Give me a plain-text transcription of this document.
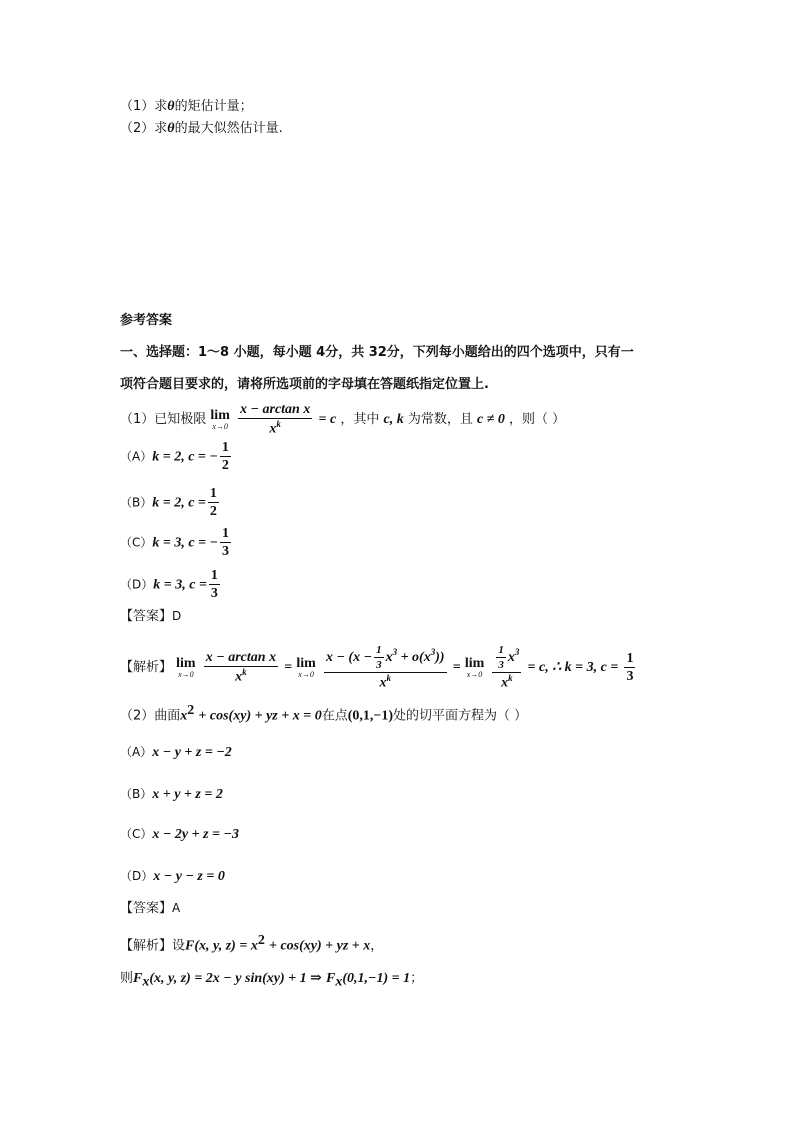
（1）求θ的矩估计量；
（2）求θ的最大似然估计量.
参考答案
一、选择题：1～8 小题，每小题 4分，共 32分，下列每小题给出的四个选项中，只有一
项符合题目要求的，请将所选项前的字母填在答题纸指定位置上.
（1）已知极限 lim
x→0
$\frac{\text{x − arctan x}}{x^k} = c$ ，其中 c, k 为常数，且 c ≠ 0 ，则（ ）
（A）k = 2, c = − $\frac{1}{2}$
（B）k = 2, $c = \frac{1}{2}$
（C）k = 3, c = − $\frac{1}{3}$
（D）k = 3, $c = \frac{1}{3}$
【答案】D
【解析】 lim
x→0
$\frac{\text{x − arctan x}}{x^k} = \lim$
x→0
$\frac{x - (x - \frac{1}{3} x^3 + o(x^3))}{x^k} = \lim$
x→0
$\frac{\frac{1}{3} x^3}{x^k} = c$, ∴ k = 3, $c = \frac{1}{3}$
（2）曲面$x^2 + \cos(xy)$ + yz + x = 0在点(0,1,−1)处的切平面方程为（ ）
（A）x − y + z = −2
（B）x + y + z = 2
（C）x − 2y + z = −3
（D）x − y − z = 0
【答案】A
【解析】设F(x, y, $z) = x^2 + \cos(xy)$ + yz + x，
则$F_x(x$, y, z) = 2x − y sin(xy) + 1 ⇒ $F_x(0,1,-1) = 1$；
